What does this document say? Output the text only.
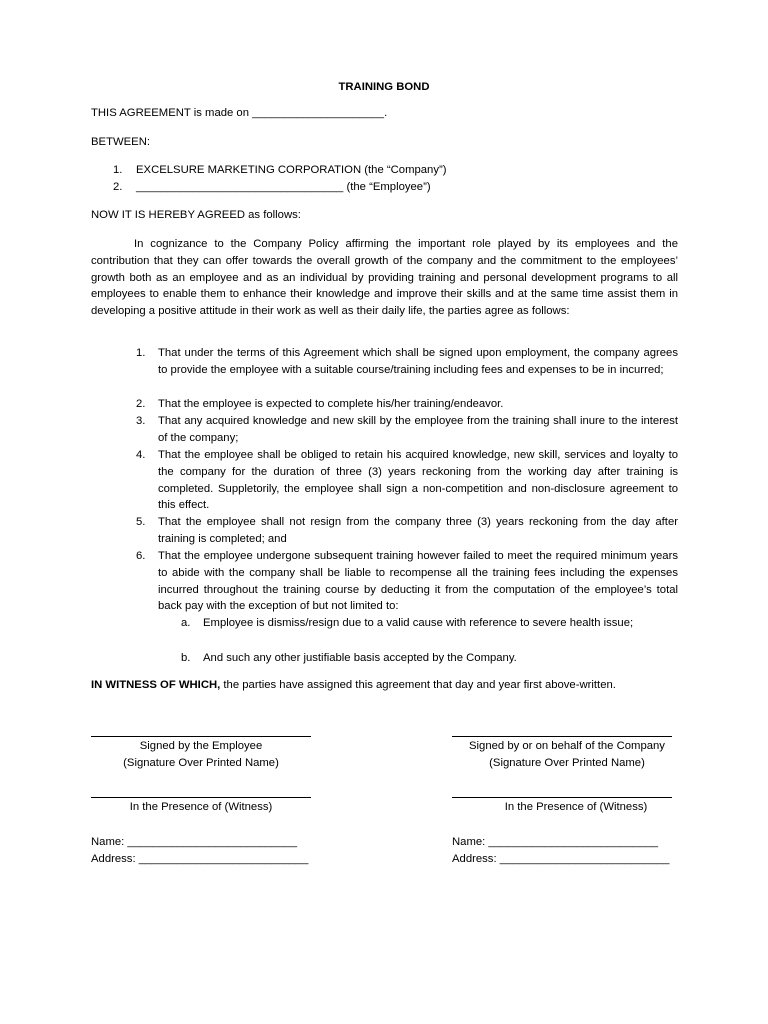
TRAINING BOND
THIS AGREEMENT is made on _____________________.
BETWEEN:
1. EXCELSURE MARKETING CORPORATION (the “Company”)
2. _________________________________ (the “Employee”)
NOW IT IS HEREBY AGREED as follows:
In cognizance to the Company Policy affirming the important role played by its employees and the contribution that they can offer towards the overall growth of the company and the commitment to the employees’ growth both as an employee and as an individual by providing training and personal development programs to all employees to enable them to enhance their knowledge and improve their skills and at the same time assist them in developing a positive attitude in their work as well as their daily life, the parties agree as follows:
1. That under the terms of this Agreement which shall be signed upon employment, the company agrees to provide the employee with a suitable course/training including fees and expenses to be in incurred;
2. That the employee is expected to complete his/her training/endeavor.
3. That any acquired knowledge and new skill by the employee from the training shall inure to the interest of the company;
4. That the employee shall be obliged to retain his acquired knowledge, new skill, services and loyalty to the company for the duration of three (3) years reckoning from the working day after training is completed. Suppletorily, the employee shall sign a non-competition and non-disclosure agreement to this effect.
5. That the employee shall not resign from the company three (3) years reckoning from the day after training is completed; and
6. That the employee undergone subsequent training however failed to meet the required minimum years to abide with the company shall be liable to recompense all the training fees including the expenses incurred throughout the training course by deducting it from the computation of the employee’s total back pay with the exception of but not limited to:
a. Employee is dismiss/resign due to a valid cause with reference to severe health issue;
b. And such any other justifiable basis accepted by the Company.
IN WITNESS OF WHICH, the parties have assigned this agreement that day and year first above-written.
Signed by the Employee
(Signature Over Printed Name)
Signed by or on behalf of the Company
(Signature Over Printed Name)
In the Presence of (Witness)	In the Presence of (Witness)
Name: ___________________________
Address: ___________________________
Name: ___________________________
Address: ___________________________
